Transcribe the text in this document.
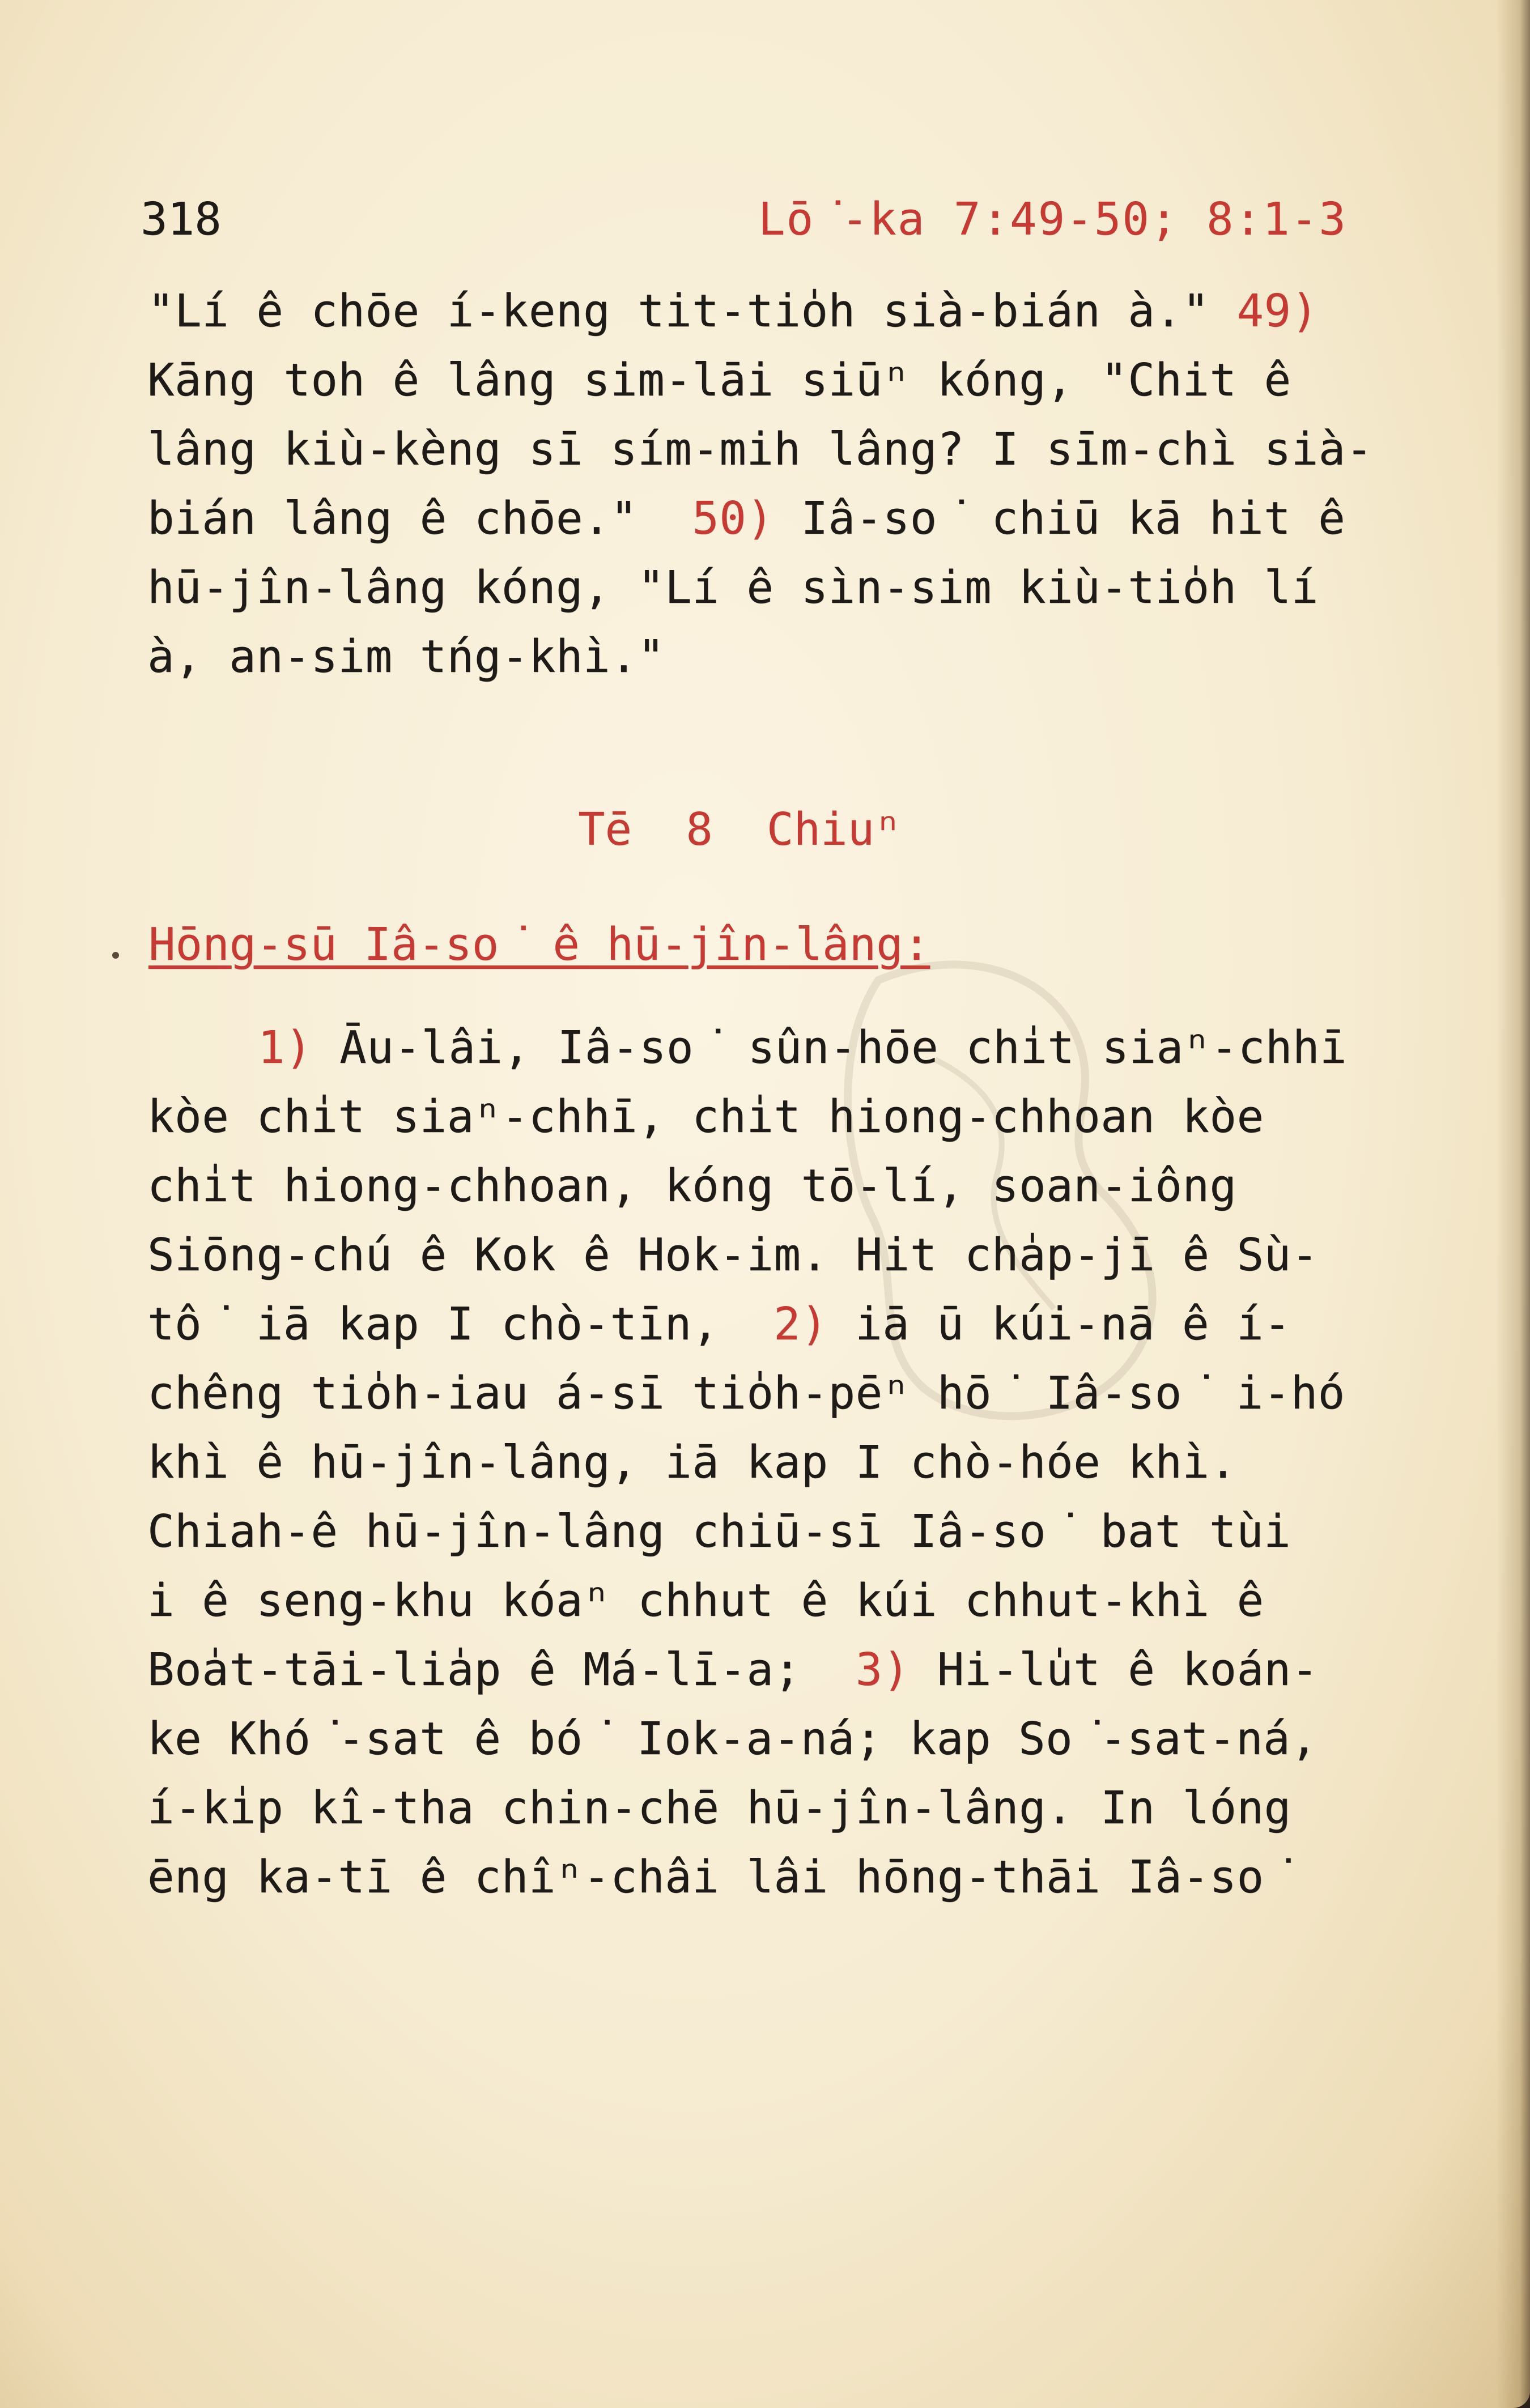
318	Lō͘-ka 7:49-50; 8:1-3
"Lí ê chōe í-keng tit-tio̍h sià-bián à." 49)
Kāng toh ê lâng sim-lāi siūⁿ kóng, "Chit ê
lâng kiù-kèng sī sím-mih lâng? I sīm-chì sià-
bián lâng ê chōe."  50) Iâ-so͘ chiū kā hit ê
hū-jîn-lâng kóng, "Lí ê sìn-sim kiù-tio̍h lí
à, an-sim tńg-khì."
Tē  8  Chiuⁿ
Hōng-sū Iâ-so͘ ê hū-jîn-lâng:
1) Āu-lâi, Iâ-so͘ sûn-hōe chi̍t siaⁿ-chhī
kòe chi̍t siaⁿ-chhī, chi̍t hiong-chhoan kòe
chi̍t hiong-chhoan, kóng tō-lí, soan-iông
Siōng-chú ê Kok ê Hok-im. Hit cha̍p-jī ê Sù-
tô͘ iā kap I chò-tīn,  2) iā ū kúi-nā ê í-
chêng tio̍h-iau á-sī tio̍h-pēⁿ hō͘ Iâ-so͘ i-hó
khì ê hū-jîn-lâng, iā kap I chò-hóe khì.
Chiah-ê hū-jîn-lâng chiū-sī Iâ-so͘ bat tùi
i ê seng-khu kóaⁿ chhut ê kúi chhut-khì ê
Boa̍t-tāi-lia̍p ê Má-lī-a;  3) Hi-lu̍t ê koán-
ke Khó͘-sat ê bó͘ Iok-a-ná; kap So͘-sat-ná,
í-ki̍p kî-tha chin-chē hū-jîn-lâng. In lóng
ēng ka-tī ê chîⁿ-châi lâi hōng-thāi Iâ-so͘
